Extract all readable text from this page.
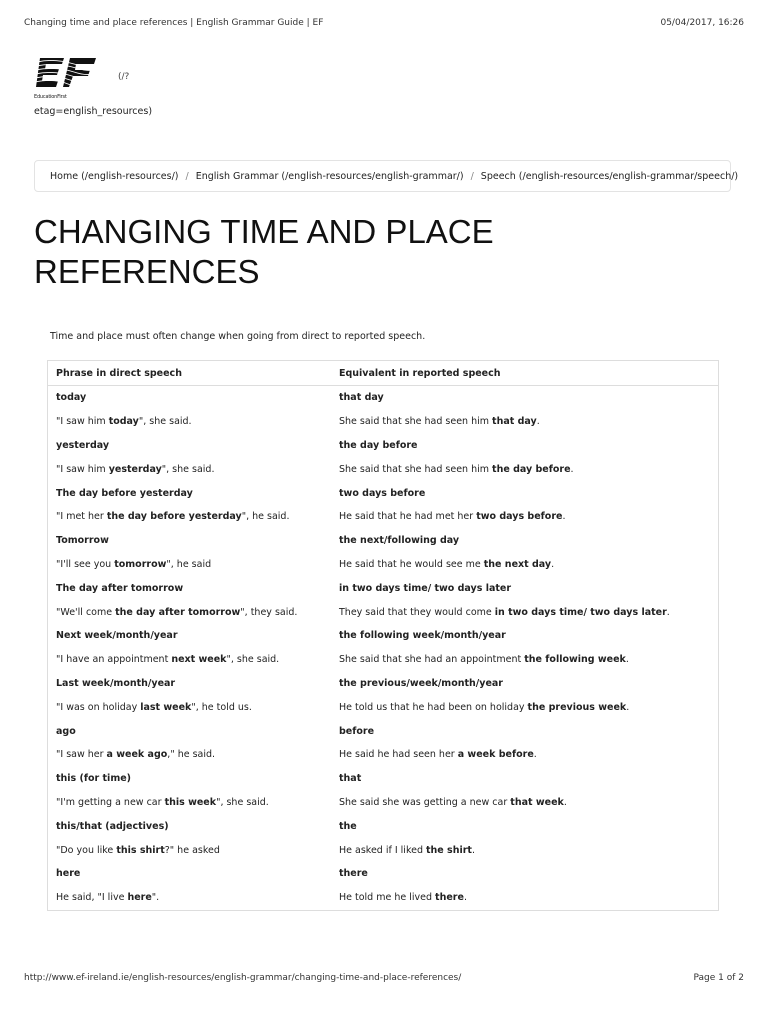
Changing time and place references | English Grammar Guide | EF	05/04/2017, 16:26
EducationFirst
(/?
etag=english_resources)
Home (/english-resources/) / English Grammar (/english-resources/english-grammar/) / Speech (/english-resources/english-grammar/speech/)
CHANGING TIME AND PLACE REFERENCES

Time and place must often change when going from direct to reported speech.

Phrase in direct speech	Equivalent in reported speech
today	that day
"I saw him today", she said.	She said that she had seen him that day.
yesterday	the day before
"I saw him yesterday", she said.	She said that she had seen him the day before.
The day before yesterday	two days before
"I met her the day before yesterday", he said.	He said that he had met her two days before.
Tomorrow	the next/following day
"I'll see you tomorrow", he said	He said that he would see me the next day.
The day after tomorrow	in two days time/ two days later
"We'll come the day after tomorrow", they said.	They said that they would come in two days time/ two days later.
Next week/month/year	the following week/month/year
"I have an appointment next week", she said.	She said that she had an appointment the following week.
Last week/month/year	the previous/week/month/year
"I was on holiday last week", he told us.	He told us that he had been on holiday the previous week.
ago	before
"I saw her a week ago," he said.	He said he had seen her a week before.
this (for time)	that
"I'm getting a new car this week", she said.	She said she was getting a new car that week.
this/that (adjectives)	the
"Do you like this shirt?" he asked	He asked if I liked the shirt.
here	there
He said, "I live here".	He told me he lived there.
http://www.ef-ireland.ie/english-resources/english-grammar/changing-time-and-place-references/	Page 1 of 2
